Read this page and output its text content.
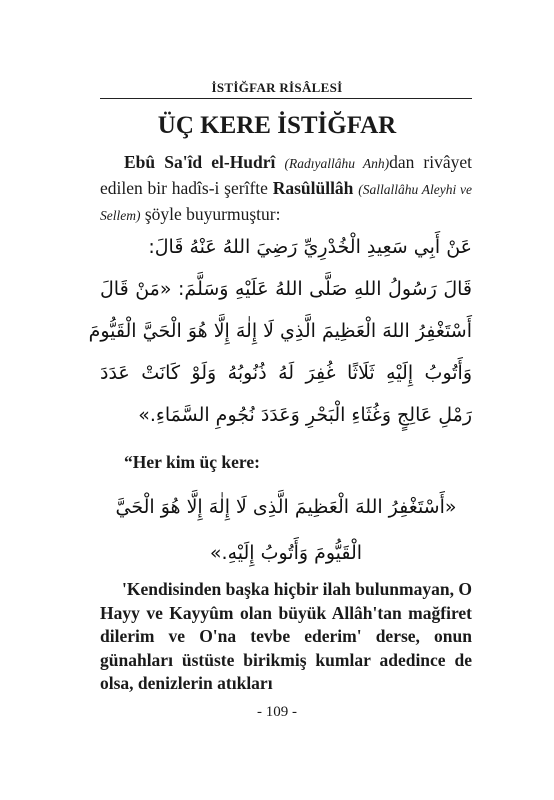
İSTİĞFAR RİSÂLESİ
ÜÇ KERE İSTİĞFAR
Ebû Sa'îd el-Hudrî (Radıyallâhu Anh)dan rivâyet edilen bir hadîs-i şerîfte Rasûlüllâh (Sallallâhu Aleyhi ve Sellem) şöyle buyurmuştur:
عَنْ أَبِي سَعِيدِ الْخُدْرِيِّ رَضِيَ اللهُ عَنْهُ قَالَ:
قَالَ رَسُولُ اللهِ صَلَّى اللهُ عَلَيْهِ وَسَلَّمَ: «مَنْ قَالَ
أَسْتَغْفِرُ اللهَ الْعَظِيمَ الَّذِي لَا إِلٰهَ إِلَّا هُوَ الْحَيَّ الْقَيُّومَ
وَأَتُوبُ إِلَيْهِ ثَلَاثًا غُفِرَ لَهُ ذُنُوبُهُ وَلَوْ كَانَتْ عَدَدَ
رَمْلِ عَالِجٍ وَغُثَاءِ الْبَحْرِ وَعَدَدَ نُجُومِ السَّمَاءِ.»
“Her kim üç kere:
«أَسْتَغْفِرُ اللهَ الْعَظِيمَ الَّذِى لَا إِلٰهَ إِلَّا هُوَ الْحَيَّ
الْقَيُّومَ وَأَتُوبُ إِلَيْهِ.»
'Kendisinden başka hiçbir ilah bulunmayan, O Hayy ve Kayyûm olan büyük Allâh'tan mağfiret dilerim ve O'na tevbe ederim' derse, onun günahları üstüste birikmiş kumlar adedince de olsa, denizlerin atıkları
- 109 -
